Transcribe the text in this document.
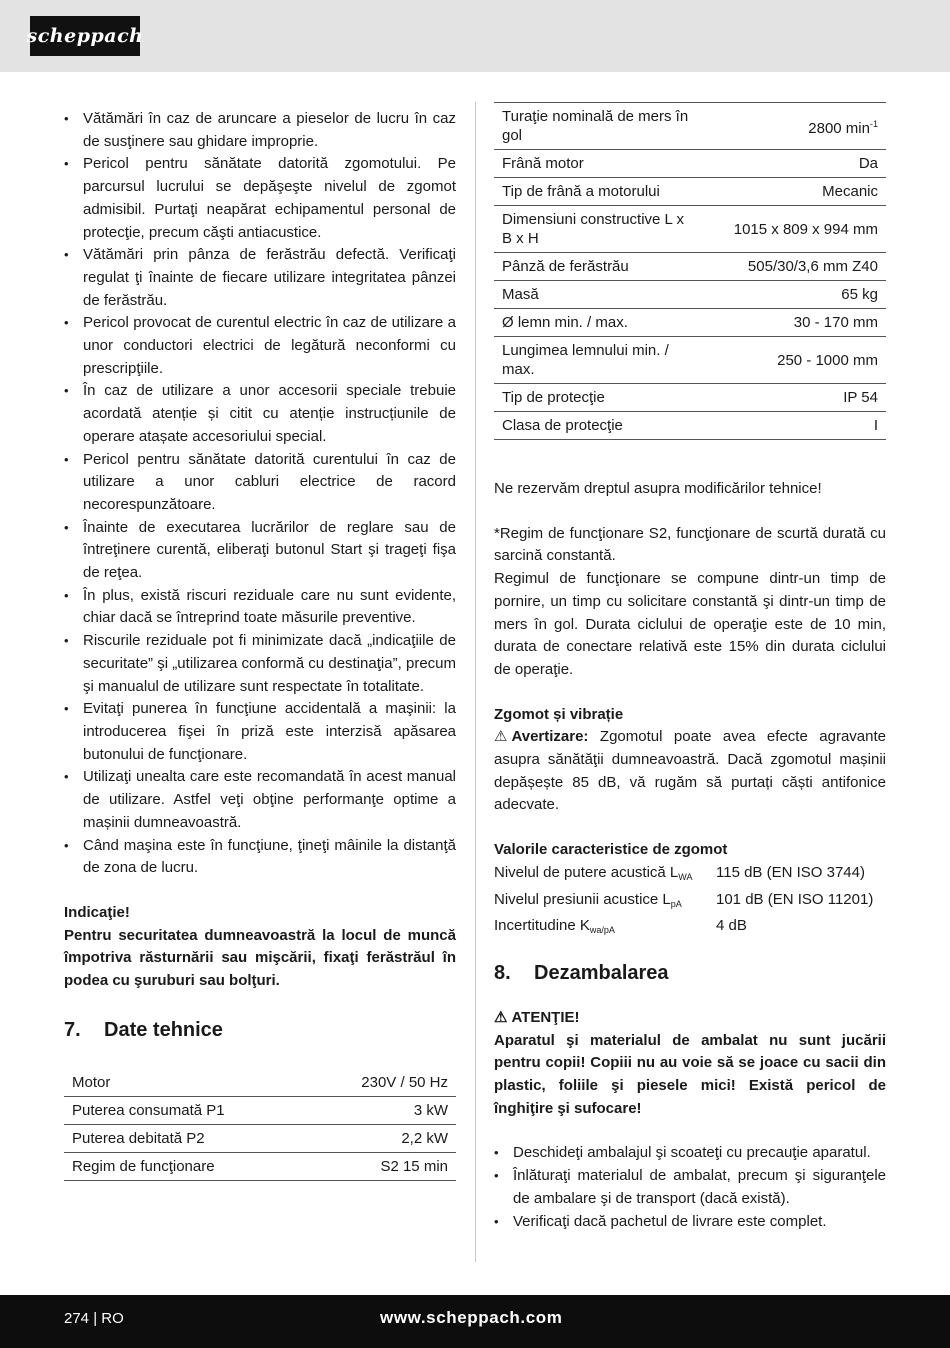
scheppach
• Vătămări în caz de aruncare a pieselor de lucru în caz de susţinere sau ghidare improprie.
• Pericol pentru sănătate datorită zgomotului. Pe parcursul lucrului se depăşeşte nivelul de zgomot admisibil. Purtaţi neapărat echipamentul personal de protecţie, precum căşti antiacustice.
• Vătămări prin pânza de ferăstrău defectă. Verificaţi regulat ţi înainte de fiecare utilizare integritatea pânzei de ferăstrău.
• Pericol provocat de curentul electric în caz de utilizare a unor conductori electrici de legătură neconformi cu prescripţiile.
• În caz de utilizare a unor accesorii speciale trebuie acordată atenție și citit cu atenție instrucțiunile de operare atașate accesoriului special.
• Pericol pentru sănătate datorită curentului în caz de utilizare a unor cabluri electrice de racord necorespunzătoare.
• Înainte de executarea lucrărilor de reglare sau de întreţinere curentă, eliberaţi butonul Start şi trageţi fişa de reţea.
• În plus, există riscuri reziduale care nu sunt evidente, chiar dacă se întreprind toate măsurile preventive.
• Riscurile reziduale pot fi minimizate dacă „indicaţiile de securitate” şi „utilizarea conformă cu destinaţia”, precum şi manualul de utilizare sunt respectate în totalitate.
• Evitaţi punerea în funcţiune accidentală a maşinii: la introducerea fişei în priză este interzisă apăsarea butonului de funcţionare.
• Utilizaţi unealta care este recomandată în acest manual de utilizare. Astfel veţi obţine performanţe optime a mașinii dumneavoastră.
• Când maşina este în funcţiune, ţineţi mâinile la distanţă de zona de lucru.
Indicaţie!
Pentru securitatea dumneavoastră la locul de muncă împotriva răsturnării sau mişcării, fixaţi ferăstrăul în podea cu şuruburi sau bolţuri.
7.	Date tehnice
Motor	230V / 50 Hz
Puterea consumată P1	3 kW
Puterea debitată P2	2,2 kW
Regim de funcţionare	S2 15 min
Turaţie nominală de mers în gol	2800 $\min^{-1}$
Frână motor	Da
Tip de frână a motorului	Mecanic
Dimensiuni constructive L x B x H	1015 x 809 x 994 mm
Pânză de ferăstrău	505/30/3,6 mm Z40
Masă	65 kg
Ø lemn min. / max.	30 - 170 mm
Lungimea lemnului min. / max.	250 - 1000 mm
Tip de protecţie	IP 54
Clasa de protecţie	I
Ne rezervăm dreptul asupra modificărilor tehnice!
*Regim de funcţionare S2, funcţionare de scurtă durată cu sarcină constantă.
Regimul de funcţionare se compune dintr-un timp de pornire, un timp cu solicitare constantă şi dintr-un timp de mers în gol. Durata ciclului de operaţie este de 10 min, durata de conectare relativă este 15% din durata ciclului de operaţie.
Zgomot și vibrație
⚠ Avertizare: Zgomotul poate avea efecte agravante asupra sănătăţii dumneavoastră. Dacă zgomotul mașinii depășește 85 dB, vă rugăm să purtați căști antifonice adecvate.
Valorile caracteristice de zgomot
Nivelul de putere acustică $L_{WA}$	115 dB (EN ISO 3744)
Nivelul presiunii acustice $L_{pA}$	101 dB (EN ISO 11201)
Incertitudine $K_{wa/pA}$	4 dB
8.	Dezambalarea
⚠ ATENŢIE!
Aparatul şi materialul de ambalat nu sunt jucării pentru copii! Copiii nu au voie să se joace cu sacii din plastic, foliile şi piesele mici! Există pericol de înghiţire şi sufocare!
• Deschideţi ambalajul şi scoateţi cu precauţie aparatul.
• Înlăturaţi materialul de ambalat, precum şi siguranţele de ambalare şi de transport (dacă există).
• Verificaţi dacă pachetul de livrare este complet.
274 | RO	www.scheppach.com
